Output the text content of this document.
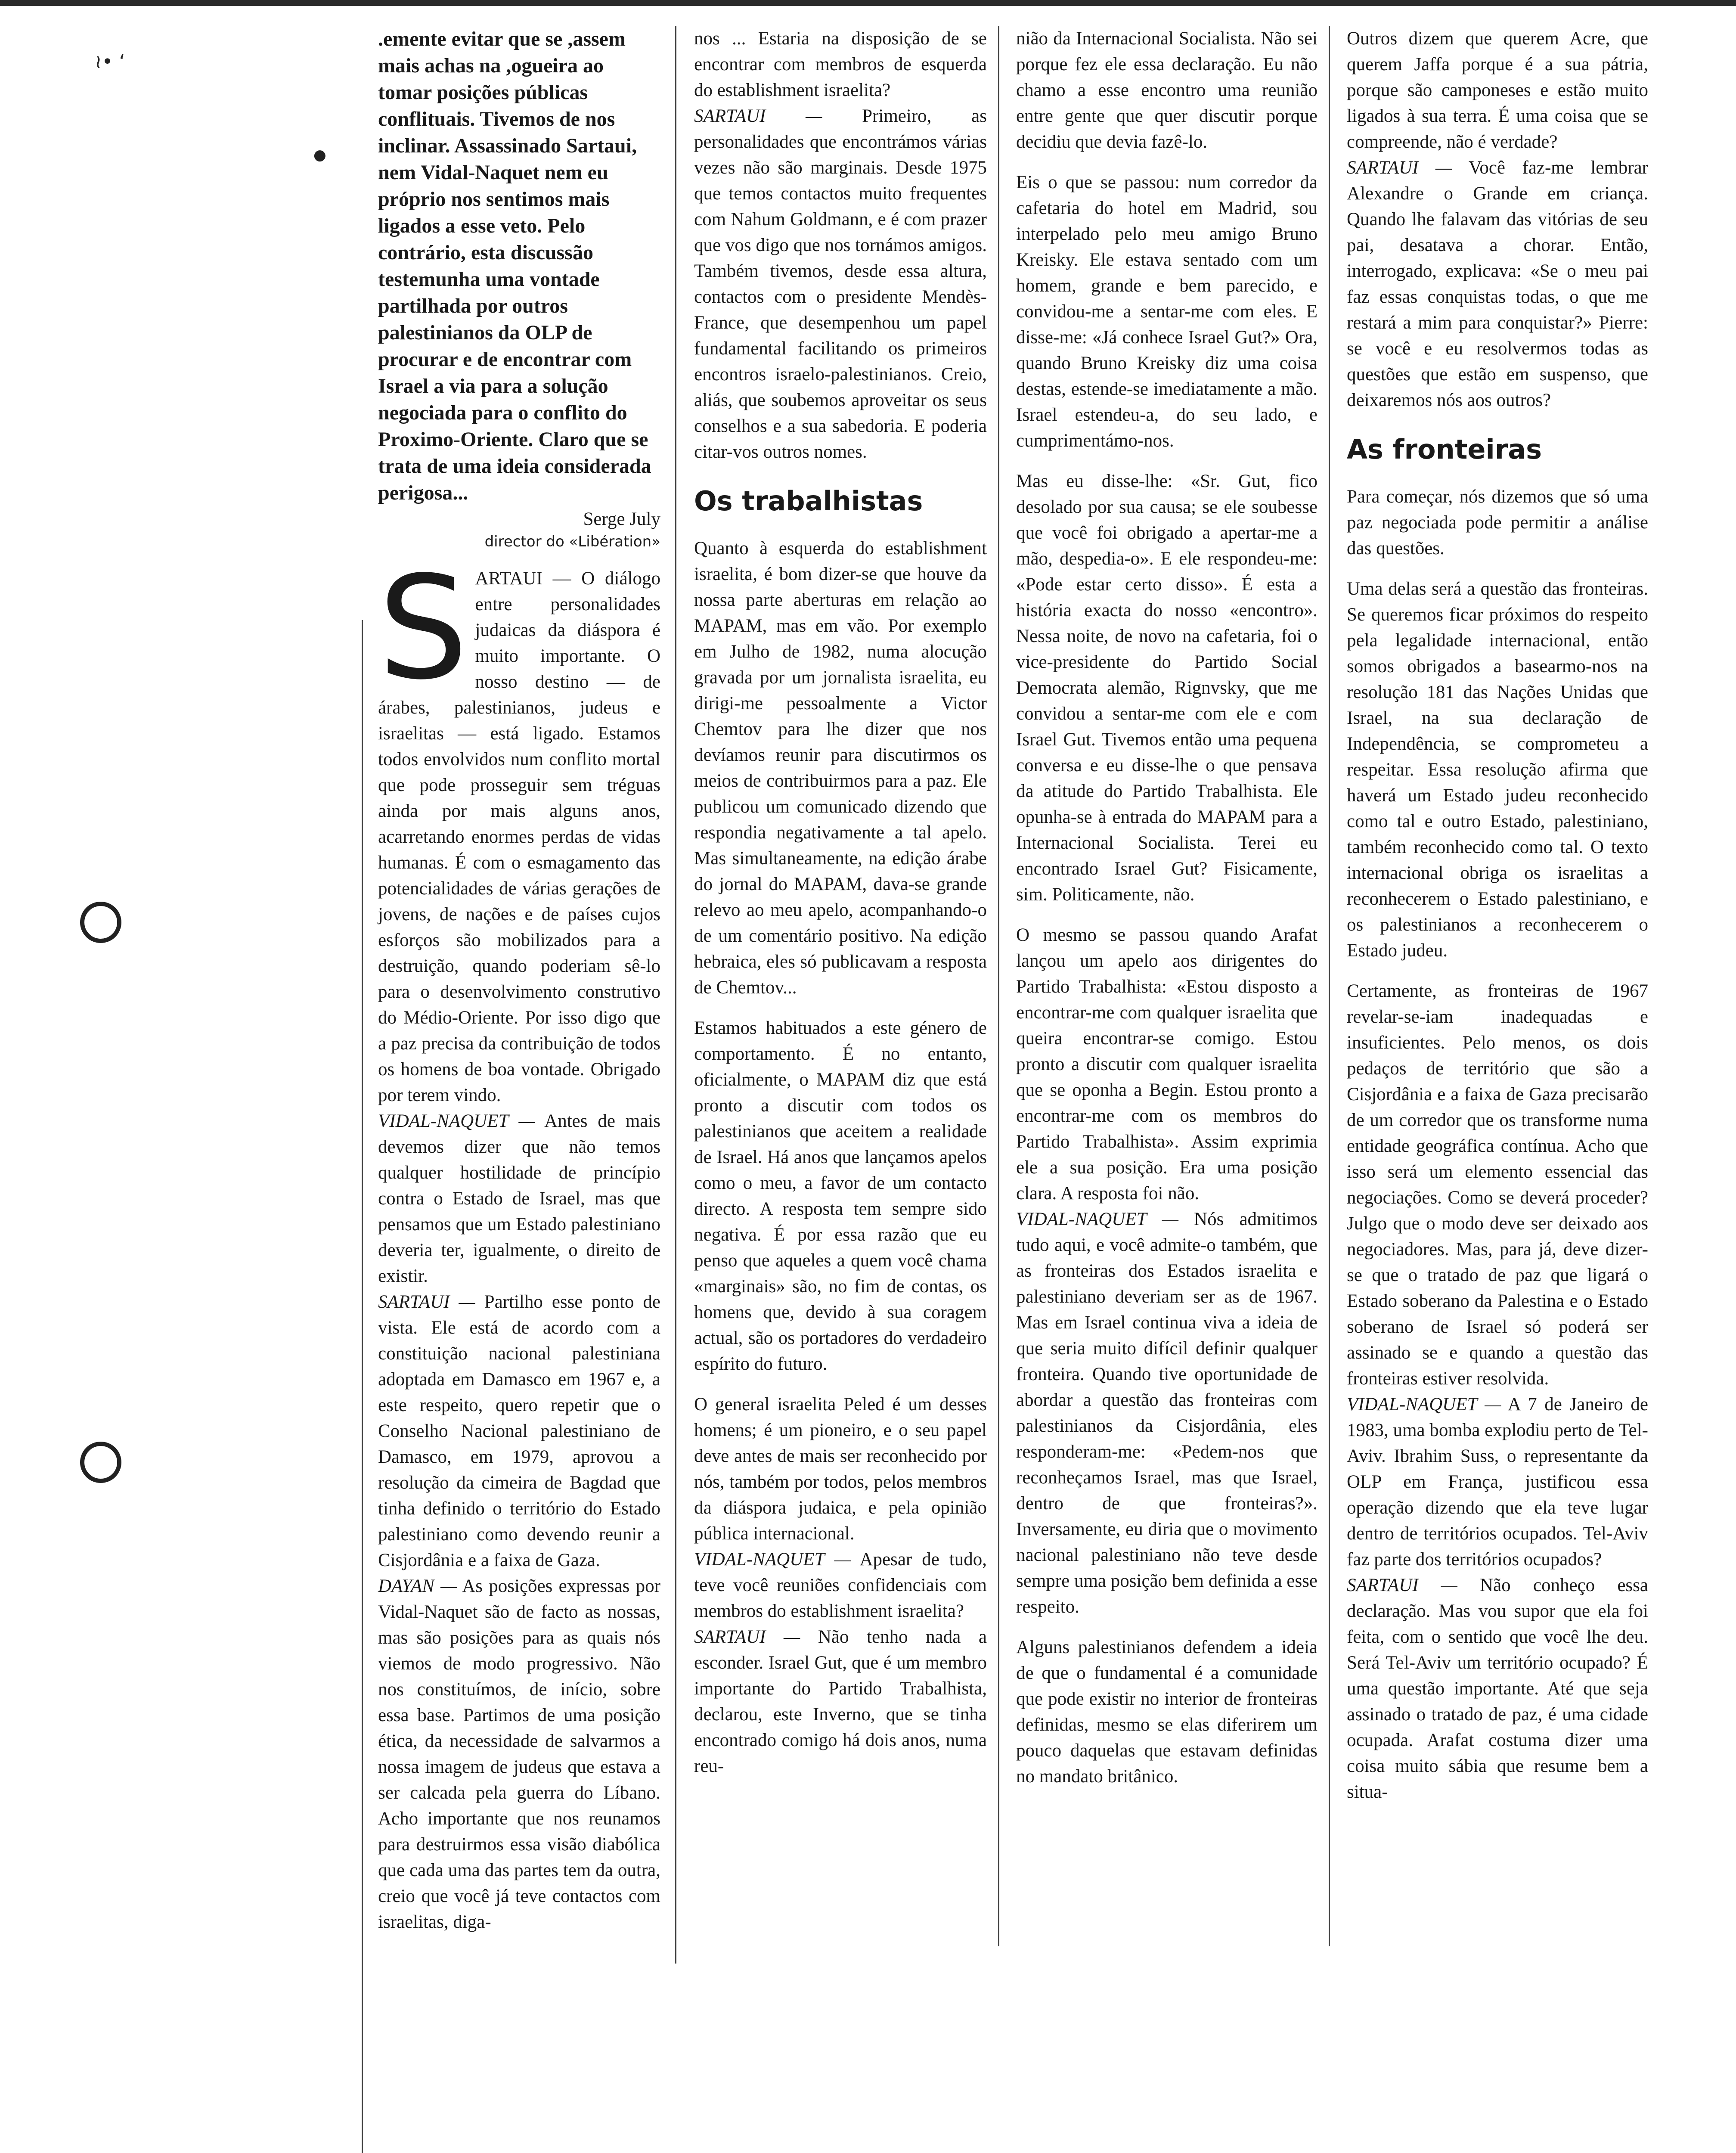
≀• ‘
●

.emente evitar que se ,assem mais achas na ,ogueira ao tomar posições públicas conflituais. Tivemos de nos inclinar. Assassinado Sartaui, nem Vidal-Naquet nem eu próprio nos sentimos mais ligados a esse veto. Pelo contrário, esta discussão testemunha uma vontade partilhada por outros palestinianos da OLP de procurar e de encontrar com Israel a via para a solução negociada para o conflito do Proximo-Oriente. Claro que se trata de uma ideia considerada perigosa...

Serge July

director do «Libération»

SARTAUI — O diálogo entre personalidades judaicas da diáspora é muito importante. O nosso destino — de árabes, palestinianos, judeus e israelitas — está ligado. Estamos todos envolvidos num conflito mortal que pode prosseguir sem tréguas ainda por mais alguns anos, acarretando enormes perdas de vidas humanas. É com o esmagamento das potencialidades de várias gerações de jovens, de nações e de países cujos esforços são mobilizados para a destruição, quando poderiam sê-lo para o desenvolvimento construtivo do Médio-Oriente. Por isso digo que a paz precisa da contribuição de todos os homens de boa vontade. Obrigado por terem vindo.

VIDAL-NAQUET — Antes de mais devemos dizer que não temos qualquer hostilidade de princípio contra o Estado de Israel, mas que pensamos que um Estado palestiniano deveria ter, igualmente, o direito de existir.

SARTAUI — Partilho esse ponto de vista. Ele está de acordo com a constituição nacional palestiniana adoptada em Damasco em 1967 e, a este respeito, quero repetir que o Conselho Nacional palestiniano de Damasco, em 1979, aprovou a resolução da cimeira de Bagdad que tinha definido o território do Estado palestiniano como devendo reunir a Cisjordânia e a faixa de Gaza.

DAYAN — As posições expressas por Vidal-Naquet são de facto as nossas, mas são posições para as quais nós viemos de modo progressivo. Não nos constituímos, de início, sobre essa base. Partimos de uma posição ética, da necessidade de salvarmos a nossa imagem de judeus que estava a ser calcada pela guerra do Líbano. Acho importante que nos reunamos para destruirmos essa visão diabólica que cada uma das partes tem da outra, creio que você já teve contactos com israelitas, diga-

nos ... Estaria na disposição de se encontrar com membros de esquerda do establishment israelita?

SARTAUI — Primeiro, as personalidades que encontrámos várias vezes não são marginais. Desde 1975 que temos contactos muito frequentes com Nahum Goldmann, e é com prazer que vos digo que nos tornámos amigos. Também tivemos, desde essa altura, contactos com o presidente Mendès-France, que desempenhou um papel fundamental facilitando os primeiros encontros israelo-palestinianos. Creio, aliás, que soubemos aproveitar os seus conselhos e a sua sabedoria. E poderia citar-vos outros nomes.

Os trabalhistas

Quanto à esquerda do establishment israelita, é bom dizer-se que houve da nossa parte aberturas em relação ao MAPAM, mas em vão. Por exemplo em Julho de 1982, numa alocução gravada por um jornalista israelita, eu dirigi-me pessoalmente a Victor Chemtov para lhe dizer que nos devíamos reunir para discutirmos os meios de contribuirmos para a paz. Ele publicou um comunicado dizendo que respondia negativamente a tal apelo. Mas simultaneamente, na edição árabe do jornal do MAPAM, dava-se grande relevo ao meu apelo, acompanhando-o de um comentário positivo. Na edição hebraica, eles só publicavam a resposta de Chemtov...

Estamos habituados a este género de comportamento. É no entanto, oficialmente, o MAPAM diz que está pronto a discutir com todos os palestinianos que aceitem a realidade de Israel. Há anos que lançamos apelos como o meu, a favor de um contacto directo. A resposta tem sempre sido negativa. É por essa razão que eu penso que aqueles a quem você chama «marginais» são, no fim de contas, os homens que, devido à sua coragem actual, são os portadores do verdadeiro espírito do futuro.

O general israelita Peled é um desses homens; é um pioneiro, e o seu papel deve antes de mais ser reconhecido por nós, também por todos, pelos membros da diáspora judaica, e pela opinião pública internacional.

VIDAL-NAQUET — Apesar de tudo, teve você reuniões confidenciais com membros do establishment israelita?

SARTAUI — Não tenho nada a esconder. Israel Gut, que é um membro importante do Partido Trabalhista, declarou, este Inverno, que se tinha encontrado comigo há dois anos, numa reu-

nião da Internacional Socialista. Não sei porque fez ele essa declaração. Eu não chamo a esse encontro uma reunião entre gente que quer discutir porque decidiu que devia fazê-lo.

Eis o que se passou: num corredor da cafetaria do hotel em Madrid, sou interpelado pelo meu amigo Bruno Kreisky. Ele estava sentado com um homem, grande e bem parecido, e convidou-me a sentar-me com eles. E disse-me: «Já conhece Israel Gut?» Ora, quando Bruno Kreisky diz uma coisa destas, estende-se imediatamente a mão. Israel estendeu-a, do seu lado, e cumprimentámo-nos.

Mas eu disse-lhe: «Sr. Gut, fico desolado por sua causa; se ele soubesse que você foi obrigado a apertar-me a mão, despedia-o». E ele respondeu-me: «Pode estar certo disso». É esta a história exacta do nosso «encontro». Nessa noite, de novo na cafetaria, foi o vice-presidente do Partido Social Democrata alemão, Rignvsky, que me convidou a sentar-me com ele e com Israel Gut. Tivemos então uma pequena conversa e eu disse-lhe o que pensava da atitude do Partido Trabalhista. Ele opunha-se à entrada do MAPAM para a Internacional Socialista. Terei eu encontrado Israel Gut? Fisicamente, sim. Politicamente, não.

O mesmo se passou quando Arafat lançou um apelo aos dirigentes do Partido Trabalhista: «Estou disposto a encontrar-me com qualquer israelita que queira encontrar-se comigo. Estou pronto a discutir com qualquer israelita que se oponha a Begin. Estou pronto a encontrar-me com os membros do Partido Trabalhista». Assim exprimia ele a sua posição. Era uma posição clara. A resposta foi não.

VIDAL-NAQUET — Nós admitimos tudo aqui, e você admite-o também, que as fronteiras dos Estados israelita e palestiniano deveriam ser as de 1967. Mas em Israel continua viva a ideia de que seria muito difícil definir qualquer fronteira. Quando tive oportunidade de abordar a questão das fronteiras com palestinianos da Cisjordânia, eles responderam-me: «Pedem-nos que reconheçamos Israel, mas que Israel, dentro de que fronteiras?». Inversamente, eu diria que o movimento nacional palestiniano não teve desde sempre uma posição bem definida a esse respeito.

Alguns palestinianos defendem a ideia de que o fundamental é a comunidade que pode existir no interior de fronteiras definidas, mesmo se elas diferirem um pouco daquelas que estavam definidas no mandato britânico.

Outros dizem que querem Acre, que querem Jaffa porque é a sua pátria, porque são camponeses e estão muito ligados à sua terra. É uma coisa que se compreende, não é verdade?

SARTAUI — Você faz-me lembrar Alexandre o Grande em criança. Quando lhe falavam das vitórias de seu pai, desatava a chorar. Então, interrogado, explicava: «Se o meu pai faz essas conquistas todas, o que me restará a mim para conquistar?» Pierre: se você e eu resolvermos todas as questões que estão em suspenso, que deixaremos nós aos outros?

As fronteiras

Para começar, nós dizemos que só uma paz negociada pode permitir a análise das questões.

Uma delas será a questão das fronteiras. Se queremos ficar próximos do respeito pela legalidade internacional, então somos obrigados a basearmo-nos na resolução 181 das Nações Unidas que Israel, na sua declaração de Independência, se comprometeu a respeitar. Essa resolução afirma que haverá um Estado judeu reconhecido como tal e outro Estado, palestiniano, também reconhecido como tal. O texto internacional obriga os israelitas a reconhecerem o Estado palestiniano, e os palestinianos a reconhecerem o Estado judeu.

Certamente, as fronteiras de 1967 revelar-se-iam inadequadas e insuficientes. Pelo menos, os dois pedaços de território que são a Cisjordânia e a faixa de Gaza precisarão de um corredor que os transforme numa entidade geográfica contínua. Acho que isso será um elemento essencial das negociações. Como se deverá proceder? Julgo que o modo deve ser deixado aos negociadores. Mas, para já, deve dizer-se que o tratado de paz que ligará o Estado soberano da Palestina e o Estado soberano de Israel só poderá ser assinado se e quando a questão das fronteiras estiver resolvida.

VIDAL-NAQUET — A 7 de Janeiro de 1983, uma bomba explodiu perto de Tel-Aviv. Ibrahim Suss, o representante da OLP em França, justificou essa operação dizendo que ela teve lugar dentro de territórios ocupados. Tel-Aviv faz parte dos territórios ocupados?

SARTAUI — Não conheço essa declaração. Mas vou supor que ela foi feita, com o sentido que você lhe deu. Será Tel-Aviv um território ocupado? É uma questão importante. Até que seja assinado o tratado de paz, é uma cidade ocupada. Arafat costuma dizer uma coisa muito sábia que resume bem a situa-
